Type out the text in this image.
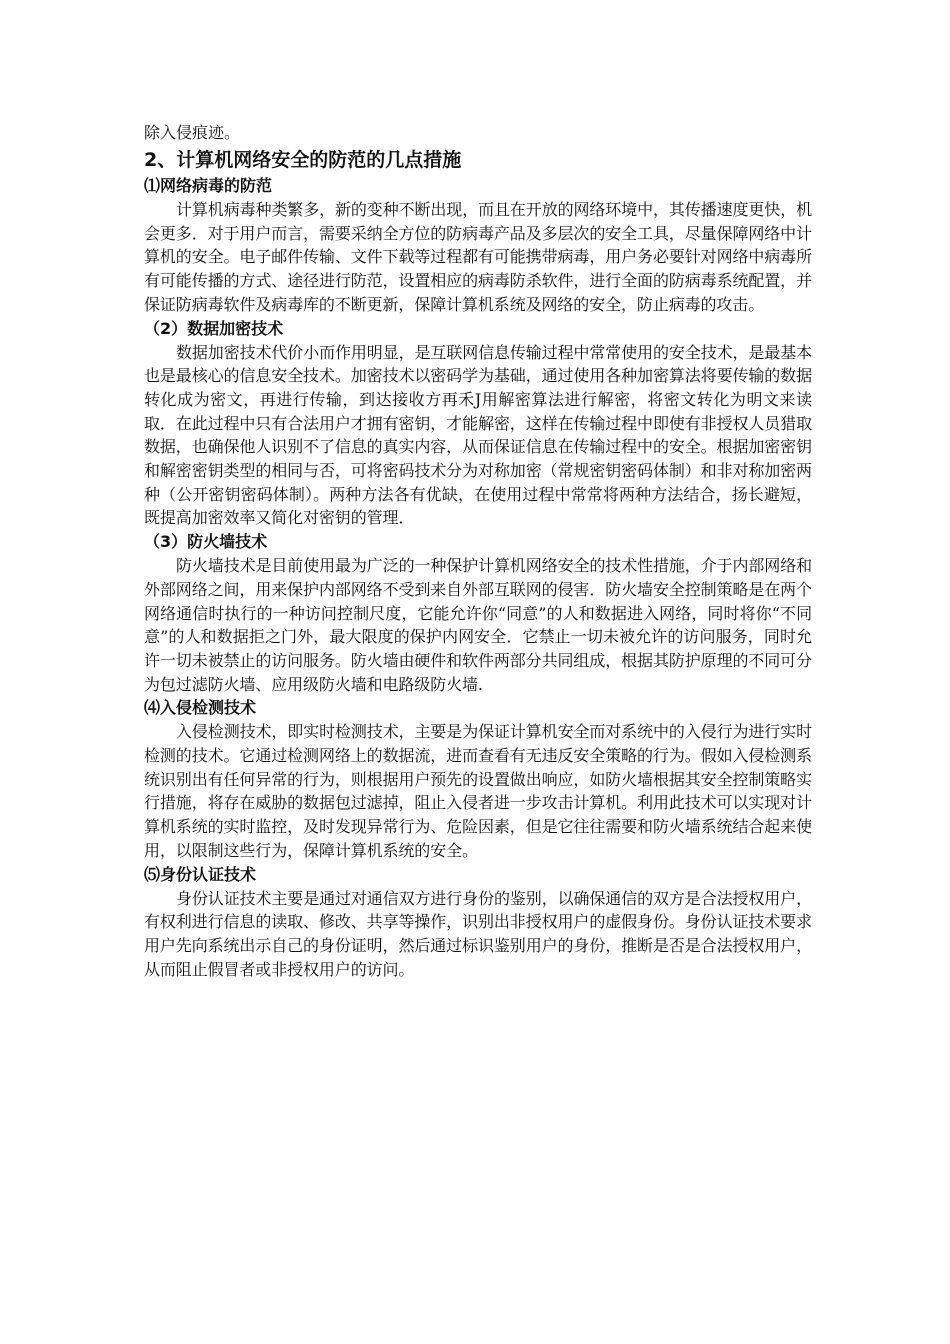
除入侵痕迹。
2、计算机网络安全的防范的几点措施
⑴网络病毒的防范

计算机病毒种类繁多，新的变种不断出现，而且在开放的网络环境中，其传播速度更快，机会更多．对于用户而言，需要采纳全方位的防病毒产品及多层次的安全工具，尽量保障网络中计算机的安全。电子邮件传输、文件下载等过程都有可能携带病毒，用户务必要针对网络中病毒所有可能传播的方式、途径进行防范，设置相应的病毒防杀软件，进行全面的防病毒系统配置，并保证防病毒软件及病毒库的不断更新，保障计算机系统及网络的安全，防止病毒的攻击。

（2）数据加密技术

数据加密技术代价小而作用明显，是互联网信息传输过程中常常使用的安全技术，是最基本也是最核心的信息安全技术。加密技术以密码学为基础，通过使用各种加密算法将要传输的数据转化成为密文，再进行传输，到达接收方再禾J用解密算法进行解密，将密文转化为明文来读取．在此过程中只有合法用户才拥有密钥，才能解密，这样在传输过程中即使有非授权人员猎取数据，也确保他人识别不了信息的真实内容，从而保证信息在传输过程中的安全。根据加密密钥和解密密钥类型的相同与否，可将密码技术分为对称加密（常规密钥密码体制）和非对称加密两种（公开密钥密码体制）。两种方法各有优缺，在使用过程中常常将两种方法结合，扬长避短，既提高加密效率又简化对密钥的管理．

（3）防火墙技术

防火墙技术是目前使用最为广泛的一种保护计算机网络安全的技术性措施，介于内部网络和外部网络之间，用来保护内部网络不受到来自外部互联网的侵害．防火墙安全控制策略是在两个网络通信时执行的一种访问控制尺度，它能允许你“同意”的人和数据进入网络，同时将你“不同意”的人和数据拒之门外，最大限度的保护内网安全．它禁止一切未被允许的访问服务，同时允许一切未被禁止的访问服务。防火墙由硬件和软件两部分共同组成，根据其防护原理的不同可分为包过滤防火墙、应用级防火墙和电路级防火墙.

⑷入侵检测技术

入侵检测技术，即实时检测技术，主要是为保证计算机安全而对系统中的入侵行为进行实时检测的技术。它通过检测网络上的数据流，进而查看有无违反安全策略的行为。假如入侵检测系统识别出有任何异常的行为，则根据用户预先的设置做出响应，如防火墙根据其安全控制策略实行措施，将存在威胁的数据包过滤掉，阻止入侵者进一步攻击计算机。利用此技术可以实现对计算机系统的实时监控，及时发现异常行为、危险因素，但是它往往需要和防火墙系统结合起来使用，以限制这些行为，保障计算机系统的安全。

⑸身份认证技术

身份认证技术主要是通过对通信双方进行身份的鉴别，以确保通信的双方是合法授权用户，有权利进行信息的读取、修改、共享等操作，识别出非授权用户的虚假身份。身份认证技术要求用户先向系统出示自己的身份证明，然后通过标识鉴别用户的身份，推断是否是合法授权用户，从而阻止假冒者或非授权用户的访问。
